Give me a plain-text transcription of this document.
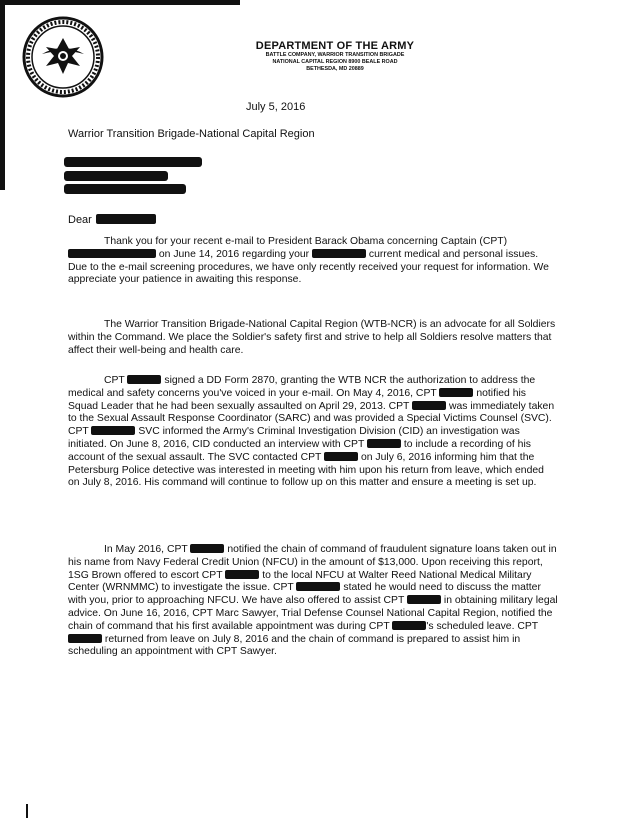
DEPARTMENT OF THE ARMY
BATTLE COMPANY, WARRIOR TRANSITION BRIGADE
NATIONAL CAPITAL REGION 8900 BEALE ROAD
BETHESDA, MD 20889
July 5, 2016
Warrior Transition Brigade-National Capital Region
Dear

Thank you for your recent e-mail to President Barack Obama concerning Captain (CPT)  on June 14, 2016 regarding your	current medical and personal issues. Due to the e-mail screening procedures, we have only recently received your request for information. We appreciate your patience in awaiting this response.

The Warrior Transition Brigade-National Capital Region (WTB-NCR) is an advocate for all Soldiers within the Command. We place the Soldier's safety first and strive to help all Soldiers resolve matters that affect their well-being and health care.

CPT	signed a DD Form 2870, granting the WTB NCR the authorization to address the medical and safety concerns you've voiced in your e-mail. On May 4, 2016, CPT	notified his Squad Leader that he had been sexually assaulted on April 29, 2013. CPT	was immediately taken to the Sexual Assault Response Coordinator (SARC) and was provided a Special Victims Counsel (SVC). CPT	SVC informed the Army's Criminal Investigation Division (CID) an investigation was initiated. On June 8, 2016, CID conducted an interview with CPT	to include a recording of his account of the sexual assault. The SVC contacted CPT	on July 6, 2016 informing him that the Petersburg Police detective was interested in meeting with him upon his return from leave, which ended on July 8, 2016. His command will continue to follow up on this matter and ensure a meeting is set up.

In May 2016, CPT	notified the chain of command of fraudulent signature loans taken out in his name from Navy Federal Credit Union (NFCU) in the amount of $13,000. Upon receiving this report, 1SG Brown offered to escort CPT	to the local NFCU at Walter Reed National Medical Military Center (WRNMMC) to investigate the issue. CPT	stated he would need to discuss the matter with you, prior to approaching NFCU. We have also offered to assist CPT	in obtaining military legal advice. On June 16, 2016, CPT Marc Sawyer, Trial Defense Counsel National Capital Region, notified the chain of command that his first available appointment was during CPT	's scheduled leave. CPT  returned from leave on July 8, 2016 and the chain of command is prepared to assist him in scheduling an appointment with CPT Sawyer.
